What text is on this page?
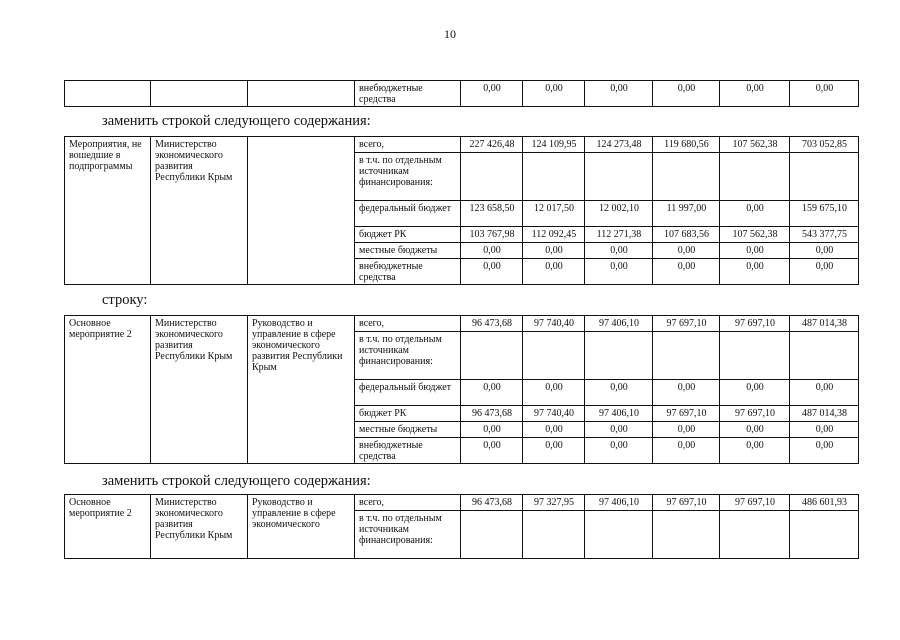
10
			внебюджетные средства	0,00	0,00	0,00	0,00	0,00	0,00
заменить строкой следующего содержания:
Мероприятия, не вошедшие в подпрограммы	Министерство экономического развития Республики Крым		всего,	227 426,48	124 109,95	124 273,48	119 680,56	107 562,38	703 052,85
			в т.ч. по отдельным источникам финансирования:						
			федеральный бюджет	123 658,50	12 017,50	12 002,10	11 997,00	0,00	159 675,10
			бюджет РК	103 767,98	112 092,45	112 271,38	107 683,56	107 562,38	543 377,75
			местные бюджеты	0,00	0,00	0,00	0,00	0,00	0,00
			внебюджетные средства	0,00	0,00	0,00	0,00	0,00	0,00
строку:
Основное мероприятие 2	Министерство экономического развития Республики Крым	Руководство и управление в сфере экономического развития Республики Крым	всего,	96 473,68	97 740,40	97 406,10	97 697,10	97 697,10	487 014,38
			в т.ч. по отдельным источникам финансирования:						
			федеральный бюджет	0,00	0,00	0,00	0,00	0,00	0,00
			бюджет РК	96 473,68	97 740,40	97 406,10	97 697,10	97 697,10	487 014,38
			местные бюджеты	0,00	0,00	0,00	0,00	0,00	0,00
			внебюджетные средства	0,00	0,00	0,00	0,00	0,00	0,00
заменить строкой следующего содержания:
Основное мероприятие 2	Министерство экономического развития Республики Крым	Руководство и управление в сфере экономического	всего,	96 473,68	97 327,95	97 406,10	97 697,10	97 697,10	486 601,93
			в т.ч. по отдельным источникам финансирования:						
